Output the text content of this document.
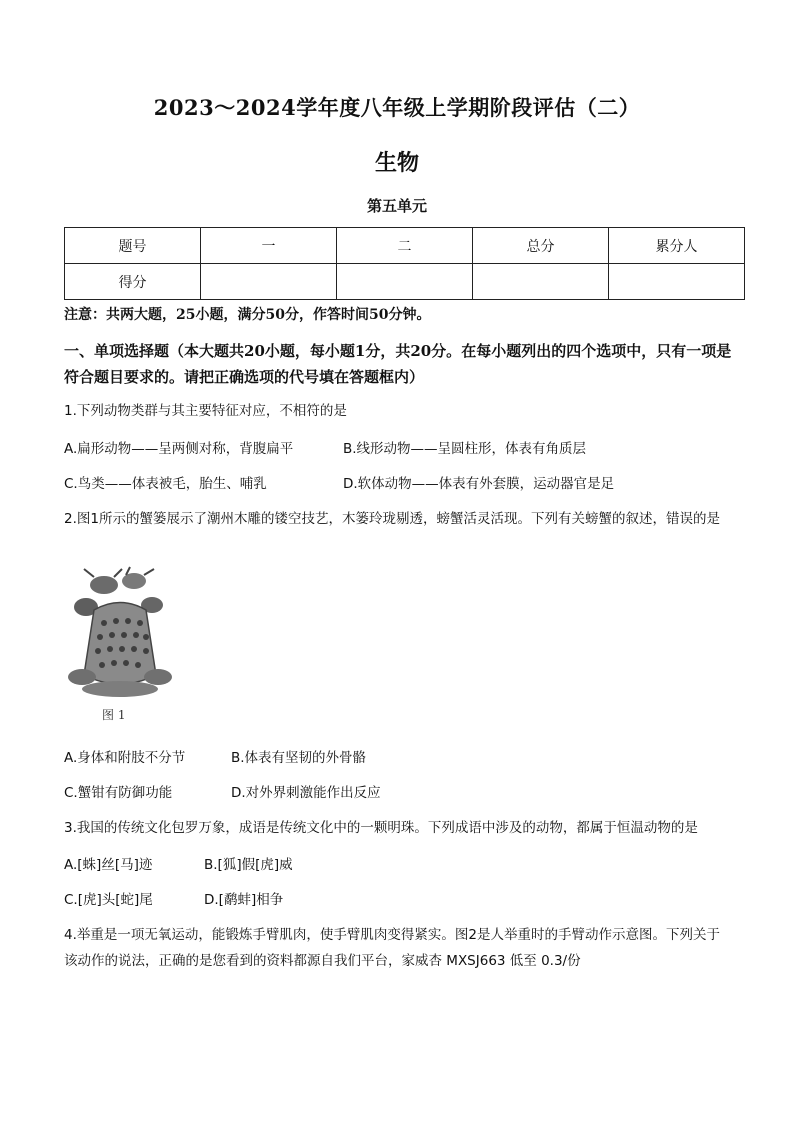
2023～2024学年度八年级上学期阶段评估（二）
生物
第五单元
题号	一	二	总分	累分人
得分				
注意：共两大题，25小题，满分50分，作答时间50分钟。
一、单项选择题（本大题共20小题，每小题1分，共20分。在每小题列出的四个选项中，只有一项是符合题目要求的。请把正确选项的代号填在答题框内）
1.下列动物类群与其主要特征对应，不相符的是
A.扁形动物——呈两侧对称，背腹扁平	B.线形动物——呈圆柱形，体表有角质层
C.鸟类——体表被毛，胎生、哺乳	D.软体动物——体表有外套膜，运动器官是足
2.图1所示的蟹篓展示了潮州木雕的镂空技艺，木篓玲珑剔透，螃蟹活灵活现。下列有关螃蟹的叙述，错误的是
图 1
A.身体和附肢不分节	B.体表有坚韧的外骨骼
C.蟹钳有防御功能	D.对外界刺激能作出反应
3.我国的传统文化包罗万象，成语是传统文化中的一颗明珠。下列成语中涉及的动物，都属于恒温动物的是
A.[蛛]丝[马]迹	B.[狐]假[虎]威
C.[虎]头[蛇]尾	D.[鹬蚌]相争
4.举重是一项无氧运动，能锻炼手臂肌肉，使手臂肌肉变得紧实。图2是人举重时的手臂动作示意图。下列关于该动作的说法，正确的是您看到的资料都源自我们平台，家威杏 MXSJ663 低至 0.3/份
